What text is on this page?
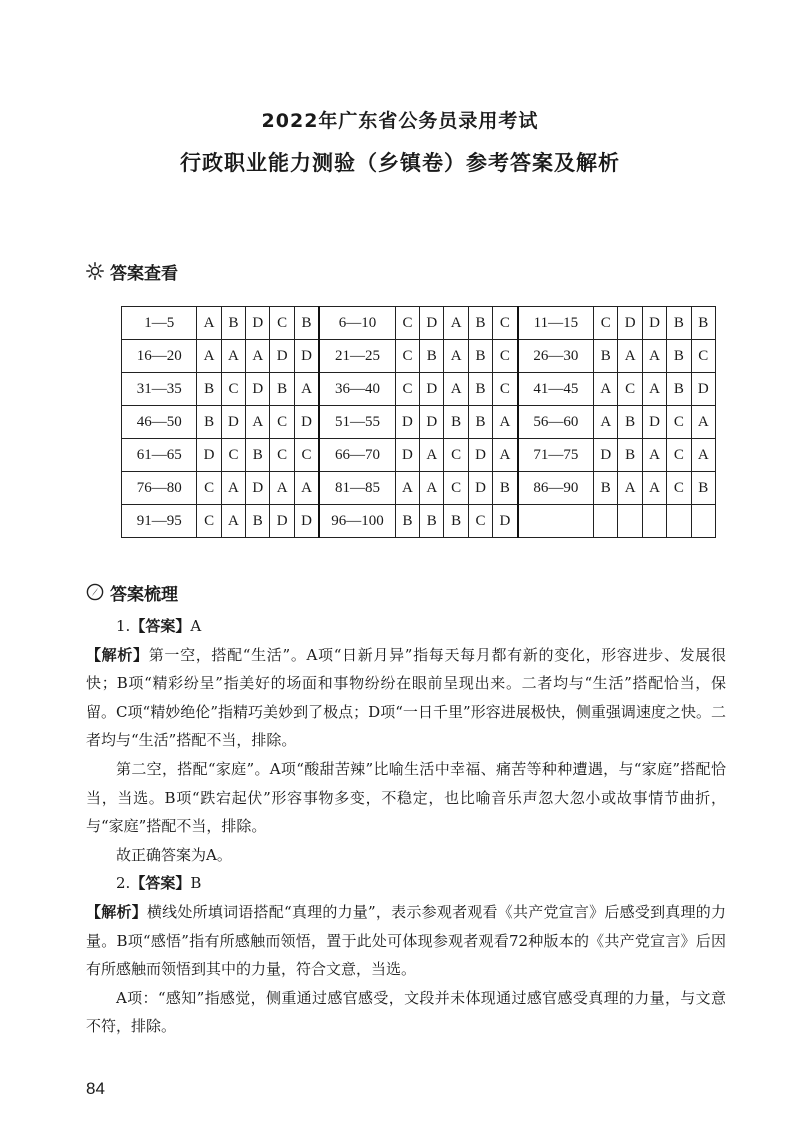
2022年广东省公务员录用考试
行政职业能力测验（乡镇卷）参考答案及解析
答案查看
1—5	A	B	D	C	B	6—10	C	D	A	B	C	11—15	C	D	D	B	B
16—20	A	A	A	D	D	21—25	C	B	A	B	C	26—30	B	A	A	B	C
31—35	B	C	D	B	A	36—40	C	D	A	B	C	41—45	A	C	A	B	D
46—50	B	D	A	C	D	51—55	D	D	B	B	A	56—60	A	B	D	C	A
61—65	D	C	B	C	C	66—70	D	A	C	D	A	71—75	D	B	A	C	A
76—80	C	A	D	A	A	81—85	A	A	C	D	B	86—90	B	A	A	C	B
91—95	C	A	B	D	D	96—100	B	B	B	C	D						
答案梳理

1.【答案】A

【解析】第一空，搭配“生活”。A项“日新月异”指每天每月都有新的变化，形容进步、发展很快；B项“精彩纷呈”指美好的场面和事物纷纷在眼前呈现出来。二者均与“生活”搭配恰当，保留。C项“精妙绝伦”指精巧美妙到了极点；D项“一日千里”形容进展极快，侧重强调速度之快。二者均与“生活”搭配不当，排除。

第二空，搭配“家庭”。A项“酸甜苦辣”比喻生活中幸福、痛苦等种种遭遇，与“家庭”搭配恰当，当选。B项“跌宕起伏”形容事物多变，不稳定，也比喻音乐声忽大忽小或故事情节曲折，与“家庭”搭配不当，排除。

故正确答案为A。

2.【答案】B

【解析】横线处所填词语搭配“真理的力量”，表示参观者观看《共产党宣言》后感受到真理的力量。B项“感悟”指有所感触而领悟，置于此处可体现参观者观看72种版本的《共产党宣言》后因有所感触而领悟到其中的力量，符合文意，当选。

A项：“感知”指感觉，侧重通过感官感受，文段并未体现通过感官感受真理的力量，与文意不符，排除。

84
